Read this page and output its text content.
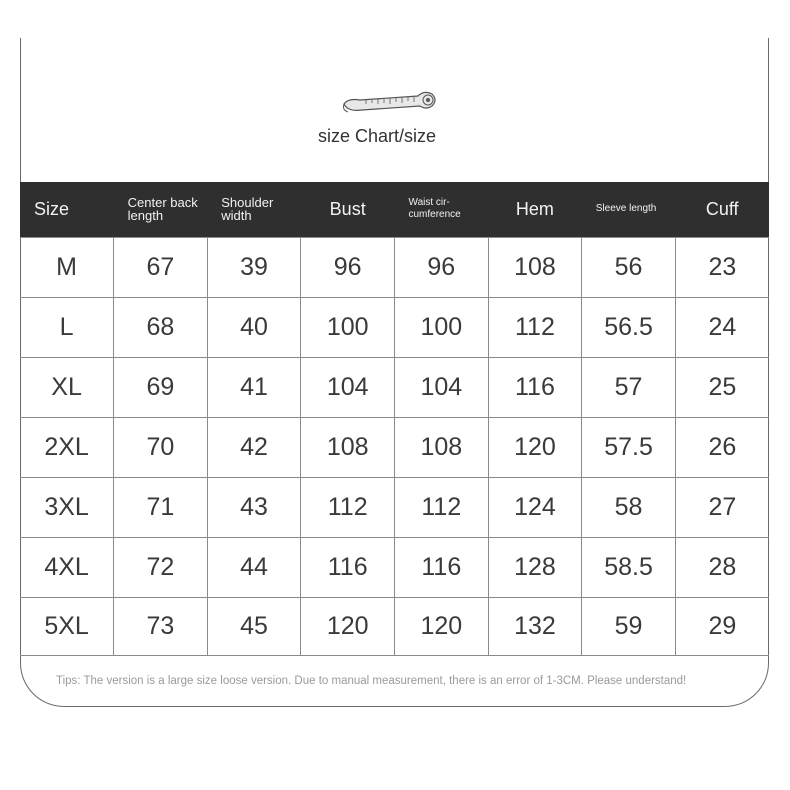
size Chart/size
Size	Center back length	Shoulder width	Bust	Waist cir-cumference	Hem	Sleeve length	Cuff
M	67	39	96	96	108	56	23
L	68	40	100	100	112	56.5	24
XL	69	41	104	104	116	57	25
2XL	70	42	108	108	120	57.5	26
3XL	71	43	112	112	124	58	27
4XL	72	44	116	116	128	58.5	28
5XL	73	45	120	120	132	59	29
Tips: The version is a large size loose version. Due to manual measurement, there is an error of 1-3CM. Please understand!
